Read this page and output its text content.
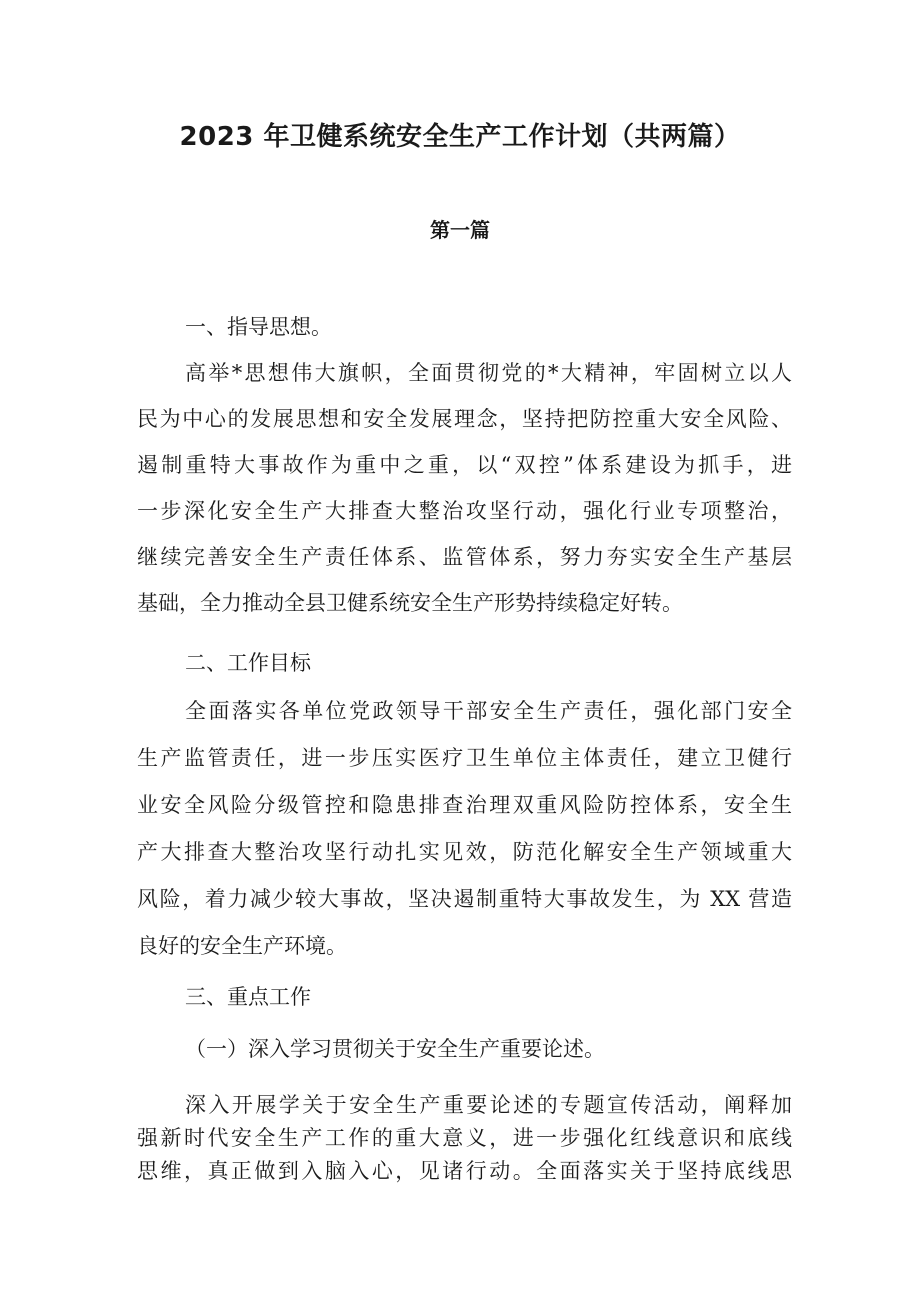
2023 年卫健系统安全生产工作计划（共两篇）
第一篇
一、指导思想。
高举*思想伟大旗帜，全面贯彻党的*大精神，牢固树立以人
民为中心的发展思想和安全发展理念，坚持把防控重大安全风险、
遏制重特大事故作为重中之重，以“双控”体系建设为抓手，进
一步深化安全生产大排查大整治攻坚行动，强化行业专项整治，
继续完善安全生产责任体系、监管体系，努力夯实安全生产基层
基础，全力推动全县卫健系统安全生产形势持续稳定好转。
二、工作目标
全面落实各单位党政领导干部安全生产责任，强化部门安全
生产监管责任，进一步压实医疗卫生单位主体责任，建立卫健行
业安全风险分级管控和隐患排查治理双重风险防控体系，安全生
产大排查大整治攻坚行动扎实见效，防范化解安全生产领域重大
风险，着力减少较大事故，坚决遏制重特大事故发生，为 XX 营造
良好的安全生产环境。
三、重点工作
（一）深入学习贯彻关于安全生产重要论述。
深入开展学关于安全生产重要论述的专题宣传活动，阐释加
强新时代安全生产工作的重大意义，进一步强化红线意识和底线
思维，真正做到入脑入心，见诸行动。全面落实关于坚持底线思
